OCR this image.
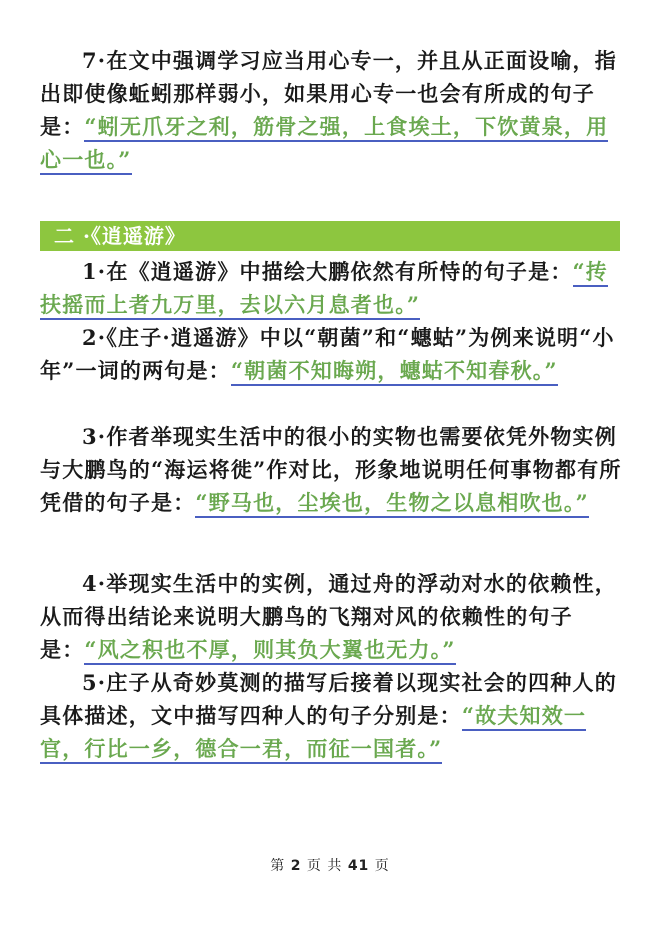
7·在文中强调学习应当用心专一，并且从正面设喻，指出即使像蚯蚓那样弱小，如果用心专一也会有所成的句子是：“蚓无爪牙之利，筋骨之强，上食埃土，下饮黄泉，用心一也。”

二 ·《逍遥游》

1·在《逍遥游》中描绘大鹏依然有所恃的句子是：“抟扶摇而上者九万里，去以六月息者也。”

2·《庄子·逍遥游》中以“朝菌”和“蟪蛄”为例来说明“小年”一词的两句是：“朝菌不知晦朔，蟪蛄不知春秋。”

3·作者举现实生活中的很小的实物也需要依凭外物实例与大鹏鸟的“海运将徙”作对比，形象地说明任何事物都有所凭借的句子是：“野马也，尘埃也，生物之以息相吹也。”

4·举现实生活中的实例，通过舟的浮动对水的依赖性，从而得出结论来说明大鹏鸟的飞翔对风的依赖性的句子是：“风之积也不厚，则其负大翼也无力。”

5·庄子从奇妙莫测的描写后接着以现实社会的四种人的具体描述，文中描写四种人的句子分别是：“故夫知效一官，行比一乡，德合一君，而征一国者。”

第 2 页 共 41 页
